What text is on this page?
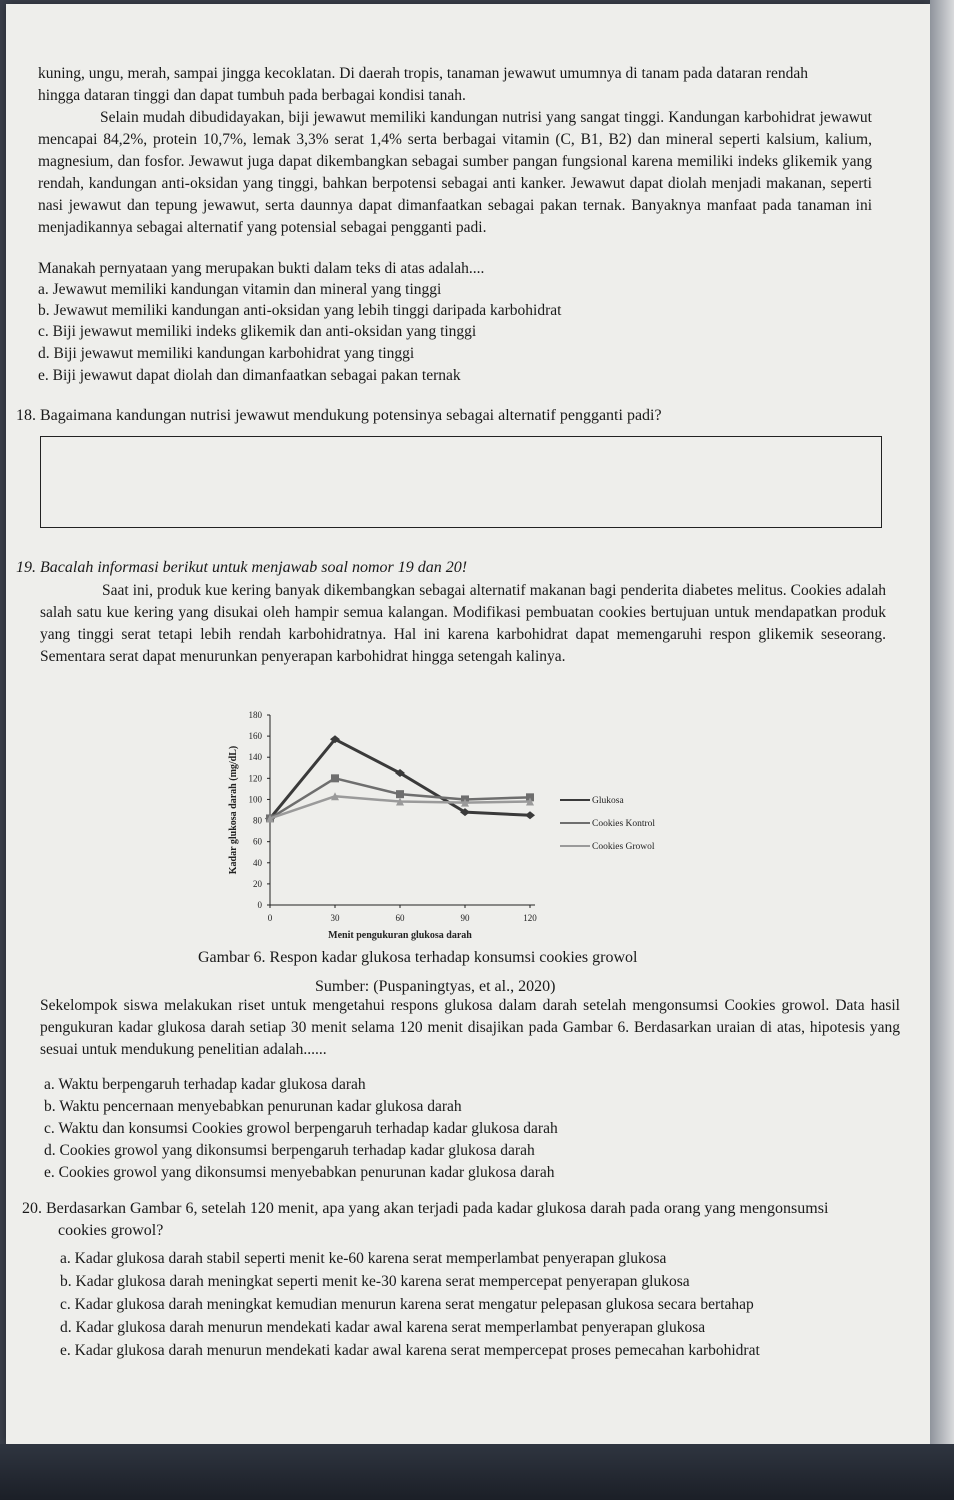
kuning, ungu, merah, sampai jingga kecoklatan. Di daerah tropis, tanaman jewawut umumnya di tanam pada dataran rendah
hingga dataran tinggi dan dapat tumbuh pada berbagai kondisi tanah.
Selain mudah dibudidayakan, biji jewawut memiliki kandungan nutrisi yang sangat tinggi. Kandungan karbohidrat jewawut mencapai 84,2%, protein 10,7%, lemak 3,3% serat 1,4% serta berbagai vitamin (C, B1, B2) dan mineral seperti kalsium, kalium, magnesium, dan fosfor. Jewawut juga dapat dikembangkan sebagai sumber pangan fungsional karena memiliki indeks glikemik yang rendah, kandungan anti-oksidan yang tinggi, bahkan berpotensi sebagai anti kanker. Jewawut dapat diolah menjadi makanan, seperti nasi jewawut dan tepung jewawut, serta daunnya dapat dimanfaatkan sebagai pakan ternak. Banyaknya manfaat pada tanaman ini menjadikannya sebagai alternatif yang potensial sebagai pengganti padi.
Manakah pernyataan yang merupakan bukti dalam teks di atas adalah....
a. Jewawut memiliki kandungan vitamin dan mineral yang tinggi
b. Jewawut memiliki kandungan anti-oksidan yang lebih tinggi daripada karbohidrat
c. Biji jewawut memiliki indeks glikemik dan anti-oksidan yang tinggi
d. Biji jewawut memiliki kandungan karbohidrat yang tinggi
e. Biji jewawut dapat diolah dan dimanfaatkan sebagai pakan ternak
18. Bagaimana kandungan nutrisi jewawut mendukung potensinya sebagai alternatif pengganti padi?
19. Bacalah informasi berikut untuk menjawab soal nomor 19 dan 20!
Saat ini, produk kue kering banyak dikembangkan sebagai alternatif makanan bagi penderita diabetes melitus. Cookies adalah salah satu kue kering yang disukai oleh hampir semua kalangan. Modifikasi pembuatan cookies bertujuan untuk mendapatkan produk yang tinggi serat tetapi lebih rendah karbohidratnya. Hal ini karena karbohidrat dapat memengaruhi respon glikemik seseorang. Sementara serat dapat menurunkan penyerapan karbohidrat hingga setengah kalinya.
0
20
40
60
80
100
120
140
160
180
0	30	60	90	120
Menit pengukuran glukosa darah
Kadar glukosa darah (mg/dL)	Glukosa
Cookies Kontrol
Cookies Growol
Gambar 6. Respon kadar glukosa terhadap konsumsi cookies growol
Sumber: (Puspaningtyas, et al., 2020)
Sekelompok siswa melakukan riset untuk mengetahui respons glukosa dalam darah setelah mengonsumsi Cookies growol. Data hasil pengukuran kadar glukosa darah setiap 30 menit selama 120 menit disajikan pada Gambar 6. Berdasarkan uraian di atas, hipotesis yang sesuai untuk mendukung penelitian adalah......
a. Waktu berpengaruh terhadap kadar glukosa darah
b. Waktu pencernaan menyebabkan penurunan kadar glukosa darah
c. Waktu dan konsumsi Cookies growol berpengaruh terhadap kadar glukosa darah
d. Cookies growol yang dikonsumsi berpengaruh terhadap kadar glukosa darah
e. Cookies growol yang dikonsumsi menyebabkan penurunan kadar glukosa darah
20. Berdasarkan Gambar 6, setelah 120 menit, apa yang akan terjadi pada kadar glukosa darah pada orang yang mengonsumsi
cookies growol?
a. Kadar glukosa darah stabil seperti menit ke-60 karena serat memperlambat penyerapan glukosa
b. Kadar glukosa darah meningkat seperti menit ke-30 karena serat mempercepat penyerapan glukosa
c. Kadar glukosa darah meningkat kemudian menurun karena serat mengatur pelepasan glukosa secara bertahap
d. Kadar glukosa darah menurun mendekati kadar awal karena serat memperlambat penyerapan glukosa
e. Kadar glukosa darah menurun mendekati kadar awal karena serat mempercepat proses pemecahan karbohidrat
